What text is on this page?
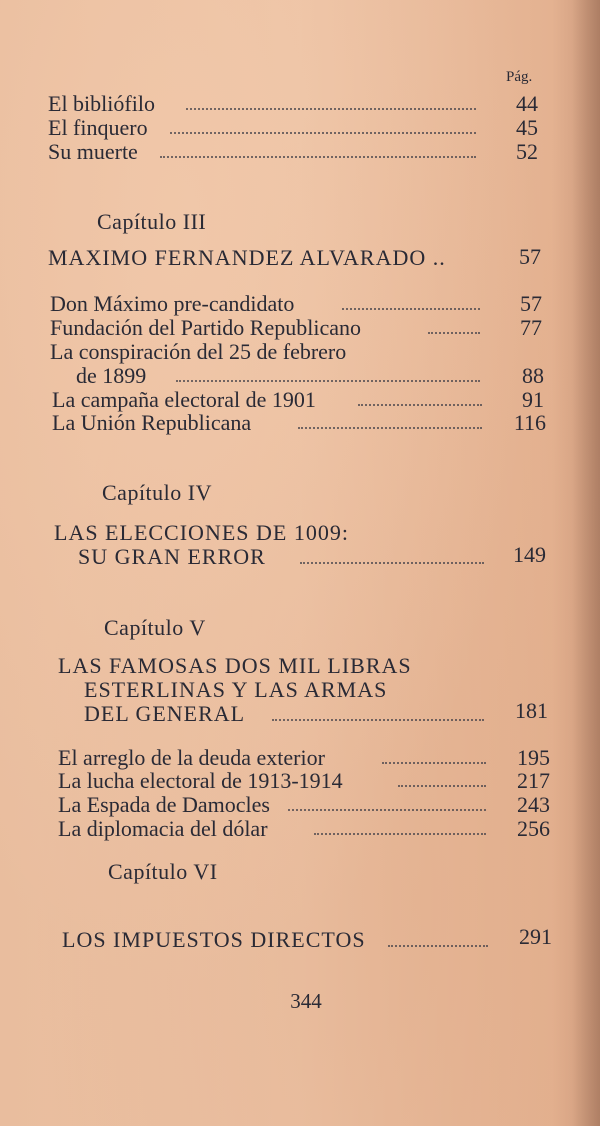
Pág.
El bibliófilo	44
El finquero	45
Su muerte	52
Capítulo III
MAXIMO FERNANDEZ ALVARADO ..	57
Don Máximo pre-candidato	57
Fundación del Partido Republicano	77
La conspiración del 25 de febrero
de 1899	88
La campaña electoral de 1901	91
La Unión Republicana	116
Capítulo IV
LAS ELECCIONES DE 1009:
SU GRAN ERROR	149
Capítulo V
LAS FAMOSAS DOS MIL LIBRAS
ESTERLINAS Y LAS ARMAS
DEL GENERAL	181
El arreglo de la deuda exterior	195
La lucha electoral de 1913-1914	217
La Espada de Damocles	243
La diplomacia del dólar	256
Capítulo VI
LOS IMPUESTOS DIRECTOS	291
344
